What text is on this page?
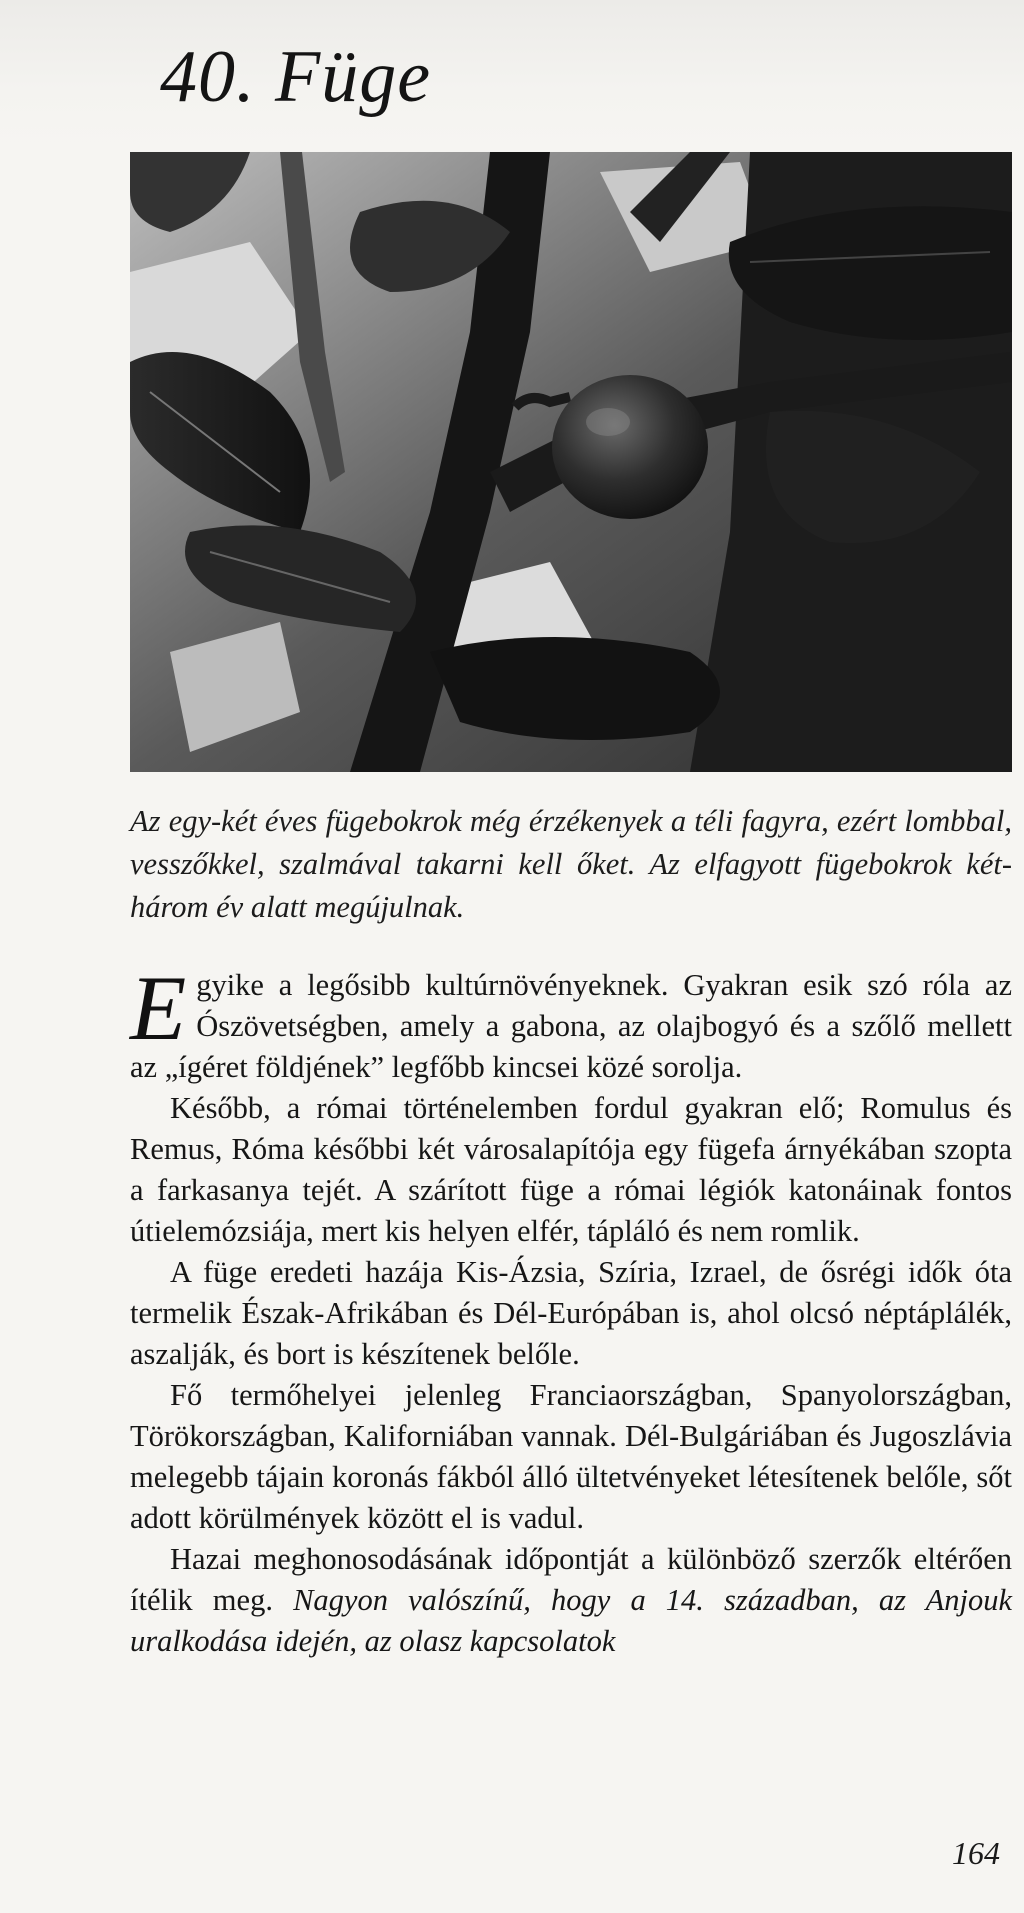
40. Füge

Az egy-két éves fügebokrok még érzékenyek a téli fagyra, ezért lombbal, vesszőkkel, szalmával takarni kell őket. Az elfagyott fügebokrok két-három év alatt megújulnak.

Egyike a legősibb kultúrnövényeknek. Gyakran esik szó róla az Ószövetségben, amely a gabona, az olajbogyó és a szőlő mellett az „ígéret földjének” legfőbb kincsei közé sorolja.

Később, a római történelemben fordul gyakran elő; Romulus és Remus, Róma későbbi két városalapítója egy fügefa árnyékában szopta a farkasanya tejét. A szárított füge a római légiók katonáinak fontos útielemózsiája, mert kis helyen elfér, tápláló és nem romlik.

A füge eredeti hazája Kis-Ázsia, Szíria, Izrael, de ősrégi idők óta termelik Észak-Afrikában és Dél-Európában is, ahol olcsó néptáplálék, aszalják, és bort is készítenek belőle.

Fő termőhelyei jelenleg Franciaországban, Spanyolországban, Törökországban, Kaliforniában vannak. Dél-Bulgáriában és Jugoszlávia melegebb tájain koronás fákból álló ültetvényeket létesítenek belőle, sőt adott körülmények között el is vadul.

Hazai meghonosodásának időpontját a különböző szerzők eltérően ítélik meg. Nagyon valószínű, hogy a 14. században, az Anjouk uralkodása idején, az olasz kapcsolatok

164
